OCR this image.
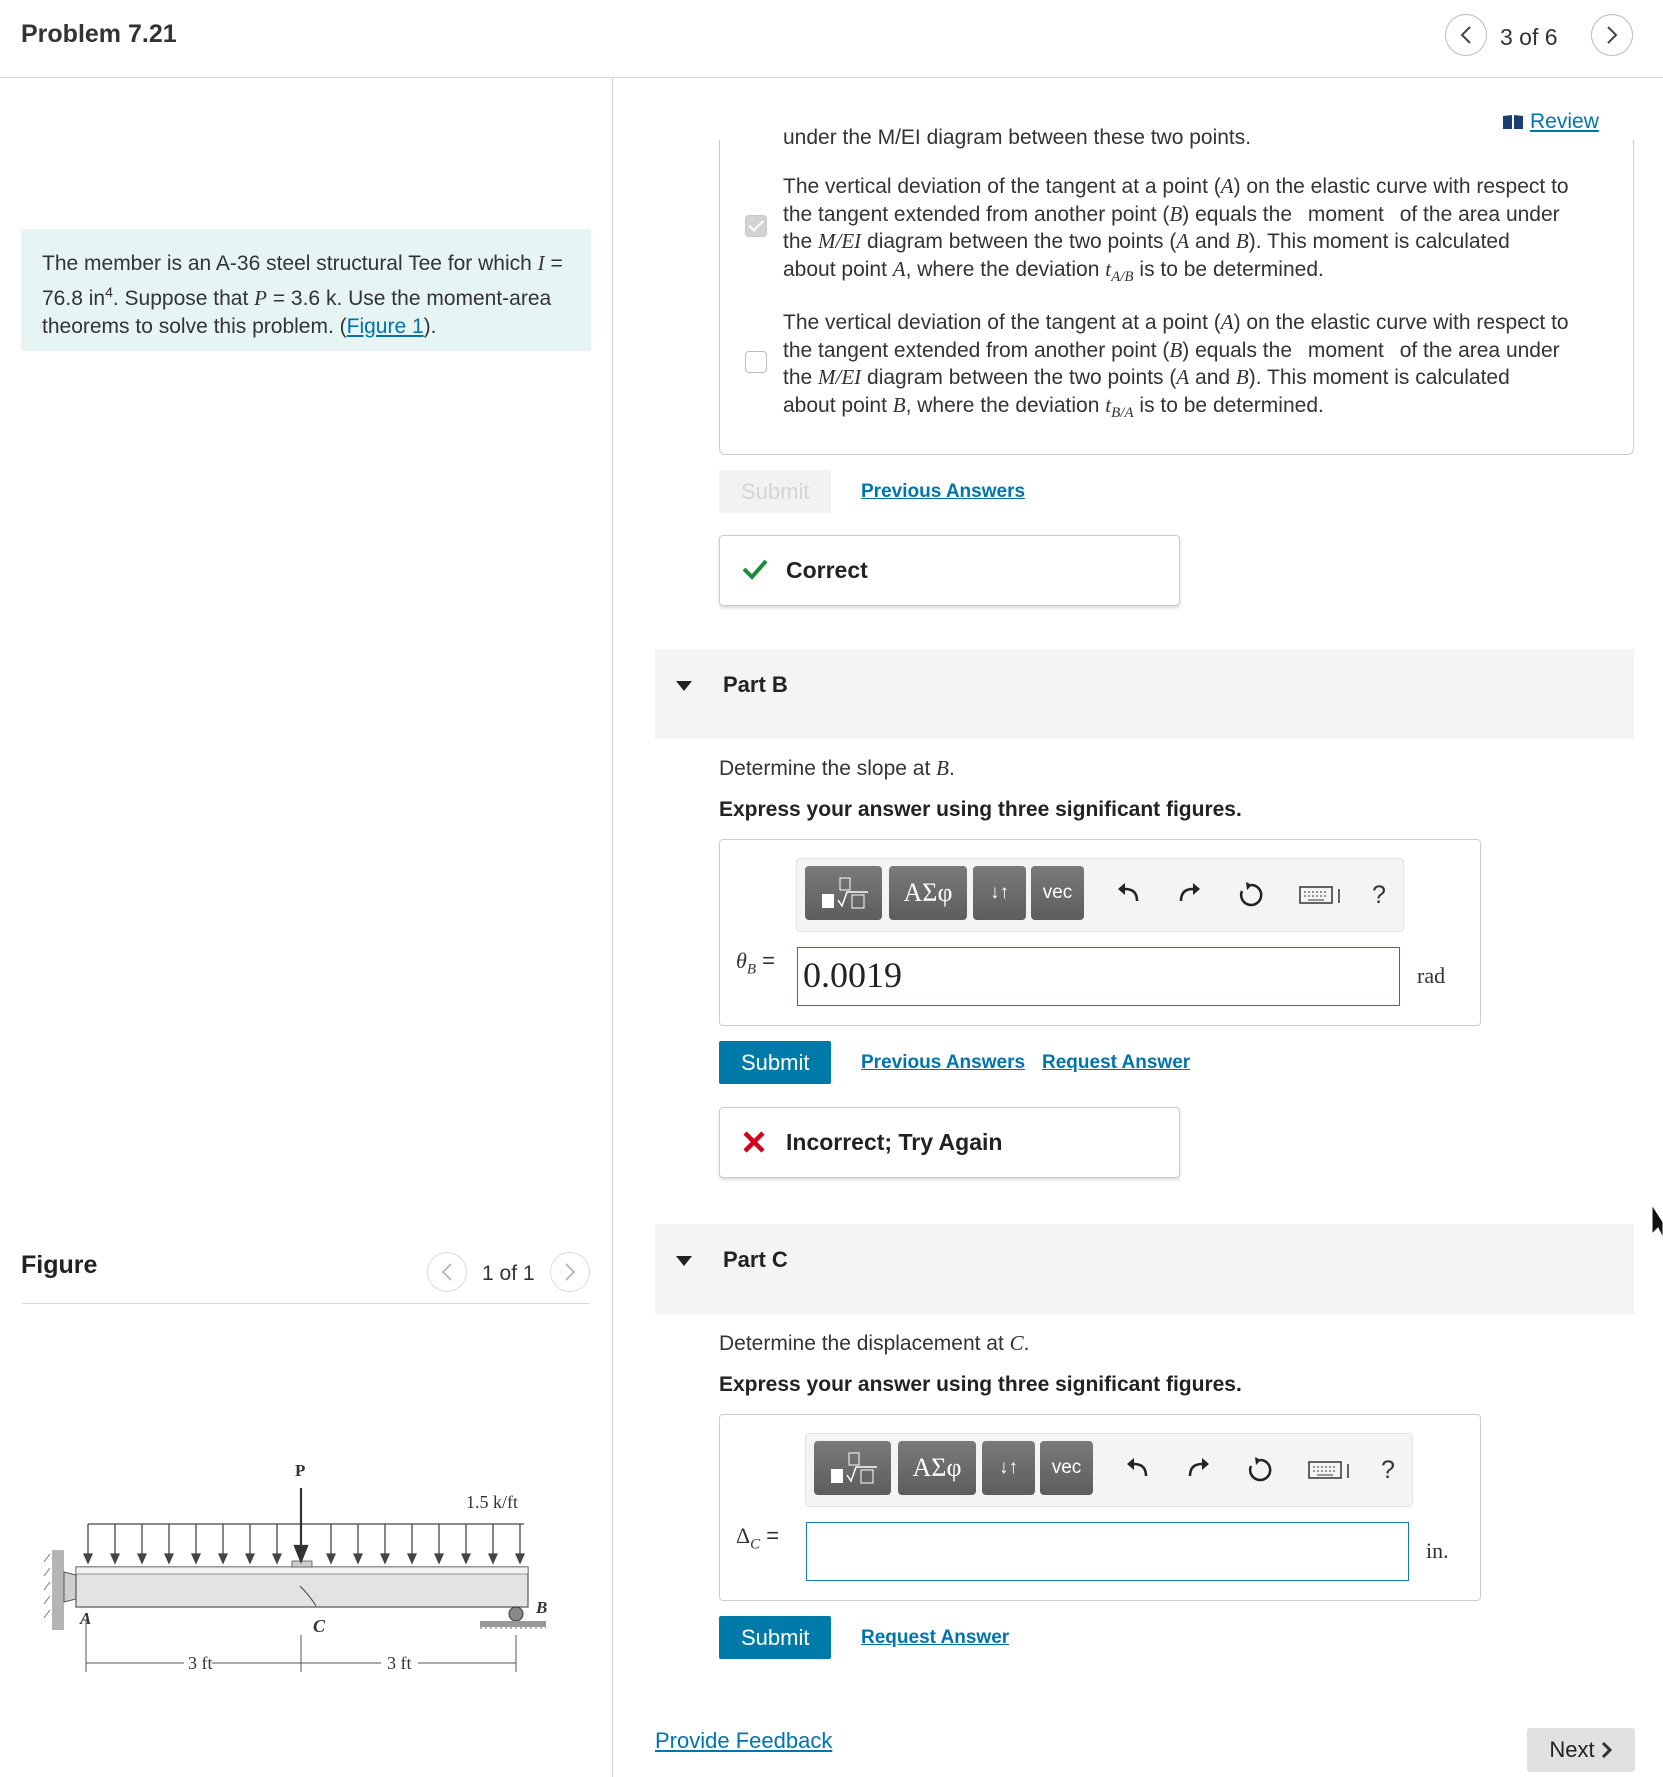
Problem 7.21	3 of 6
The member is an A-36 steel structural Tee for which I = 76.8 $in^4$. Suppose that P = 3.6 k. Use the moment-area theorems to solve this problem. (Figure 1).
Figure	1 of 1
P
1.5 k/ft
A
B
C
3 ft	3 ft
Review
under the M/EI diagram between these two points.
The vertical deviation of the tangent at a point (A) on the elastic curve with respect to
the tangent extended from another point (B) equals the moment of the area under
the M/EI diagram between the two points (A and B). This moment is calculated
about point A, where the deviation $t_{A/B}$ is to be determined.
The vertical deviation of the tangent at a point (A) on the elastic curve with respect to
the tangent extended from another point (B) equals the moment of the area under
the M/EI diagram between the two points (A and B). This moment is calculated
about point B, where the deviation $t_{B/A}$ is to be determined.
Submit	Previous Answers
Correct
Part B
Determine the slope at B.
Express your answer using three significant figures.
ΑΣφ	↓↑	vec	?
$\theta_B = 0.0019$	rad
Submit	Previous Answers Request Answer
Incorrect; Try Again
Part C
Determine the displacement at C.
Express your answer using three significant figures.
ΑΣφ	↓↑	vec	?
$\Delta_C$ =
in.
Submit	Request Answer
Provide Feedback	Next
